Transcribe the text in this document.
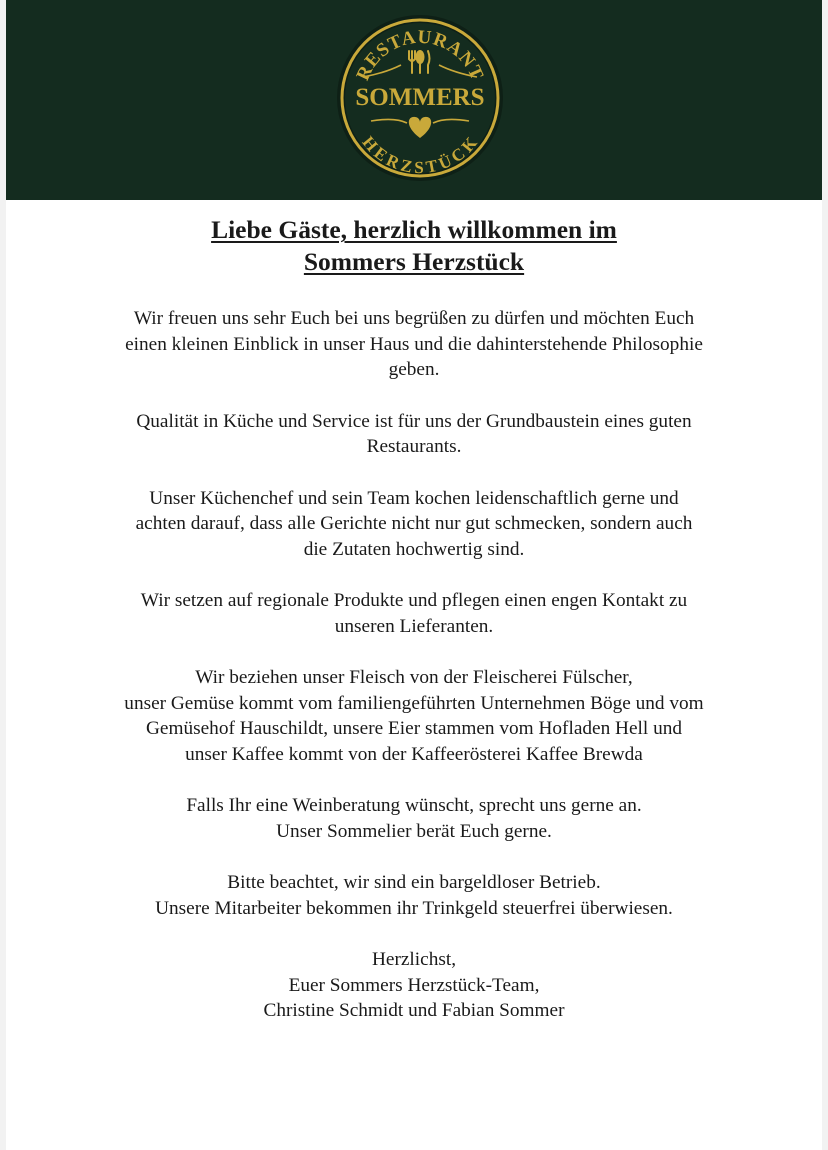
RESTAURANT
HERZSTÜCK
SOMMERS
Liebe Gäste, herzlich willkommen im
Sommers Herzstück

Wir freuen uns sehr Euch bei uns begrüßen zu dürfen und möchten Euch
einen kleinen Einblick in unser Haus und die dahinterstehende Philosophie
geben.

Qualität in Küche und Service ist für uns der Grundbaustein eines guten
Restaurants.

Unser Küchenchef und sein Team kochen leidenschaftlich gerne und
achten darauf, dass alle Gerichte nicht nur gut schmecken, sondern auch
die Zutaten hochwertig sind.

Wir setzen auf regionale Produkte und pflegen einen engen Kontakt zu
unseren Lieferanten.

Wir beziehen unser Fleisch von der Fleischerei Fülscher,
unser Gemüse kommt vom familiengeführten Unternehmen Böge und vom
Gemüsehof Hauschildt, unsere Eier stammen vom Hofladen Hell und
unser Kaffee kommt von der Kaffeerösterei Kaffee Brewda

Falls Ihr eine Weinberatung wünscht, sprecht uns gerne an.
Unser Sommelier berät Euch gerne.

Bitte beachtet, wir sind ein bargeldloser Betrieb.
Unsere Mitarbeiter bekommen ihr Trinkgeld steuerfrei überwiesen.

Herzlichst,
Euer Sommers Herzstück-Team,
Christine Schmidt und Fabian Sommer
